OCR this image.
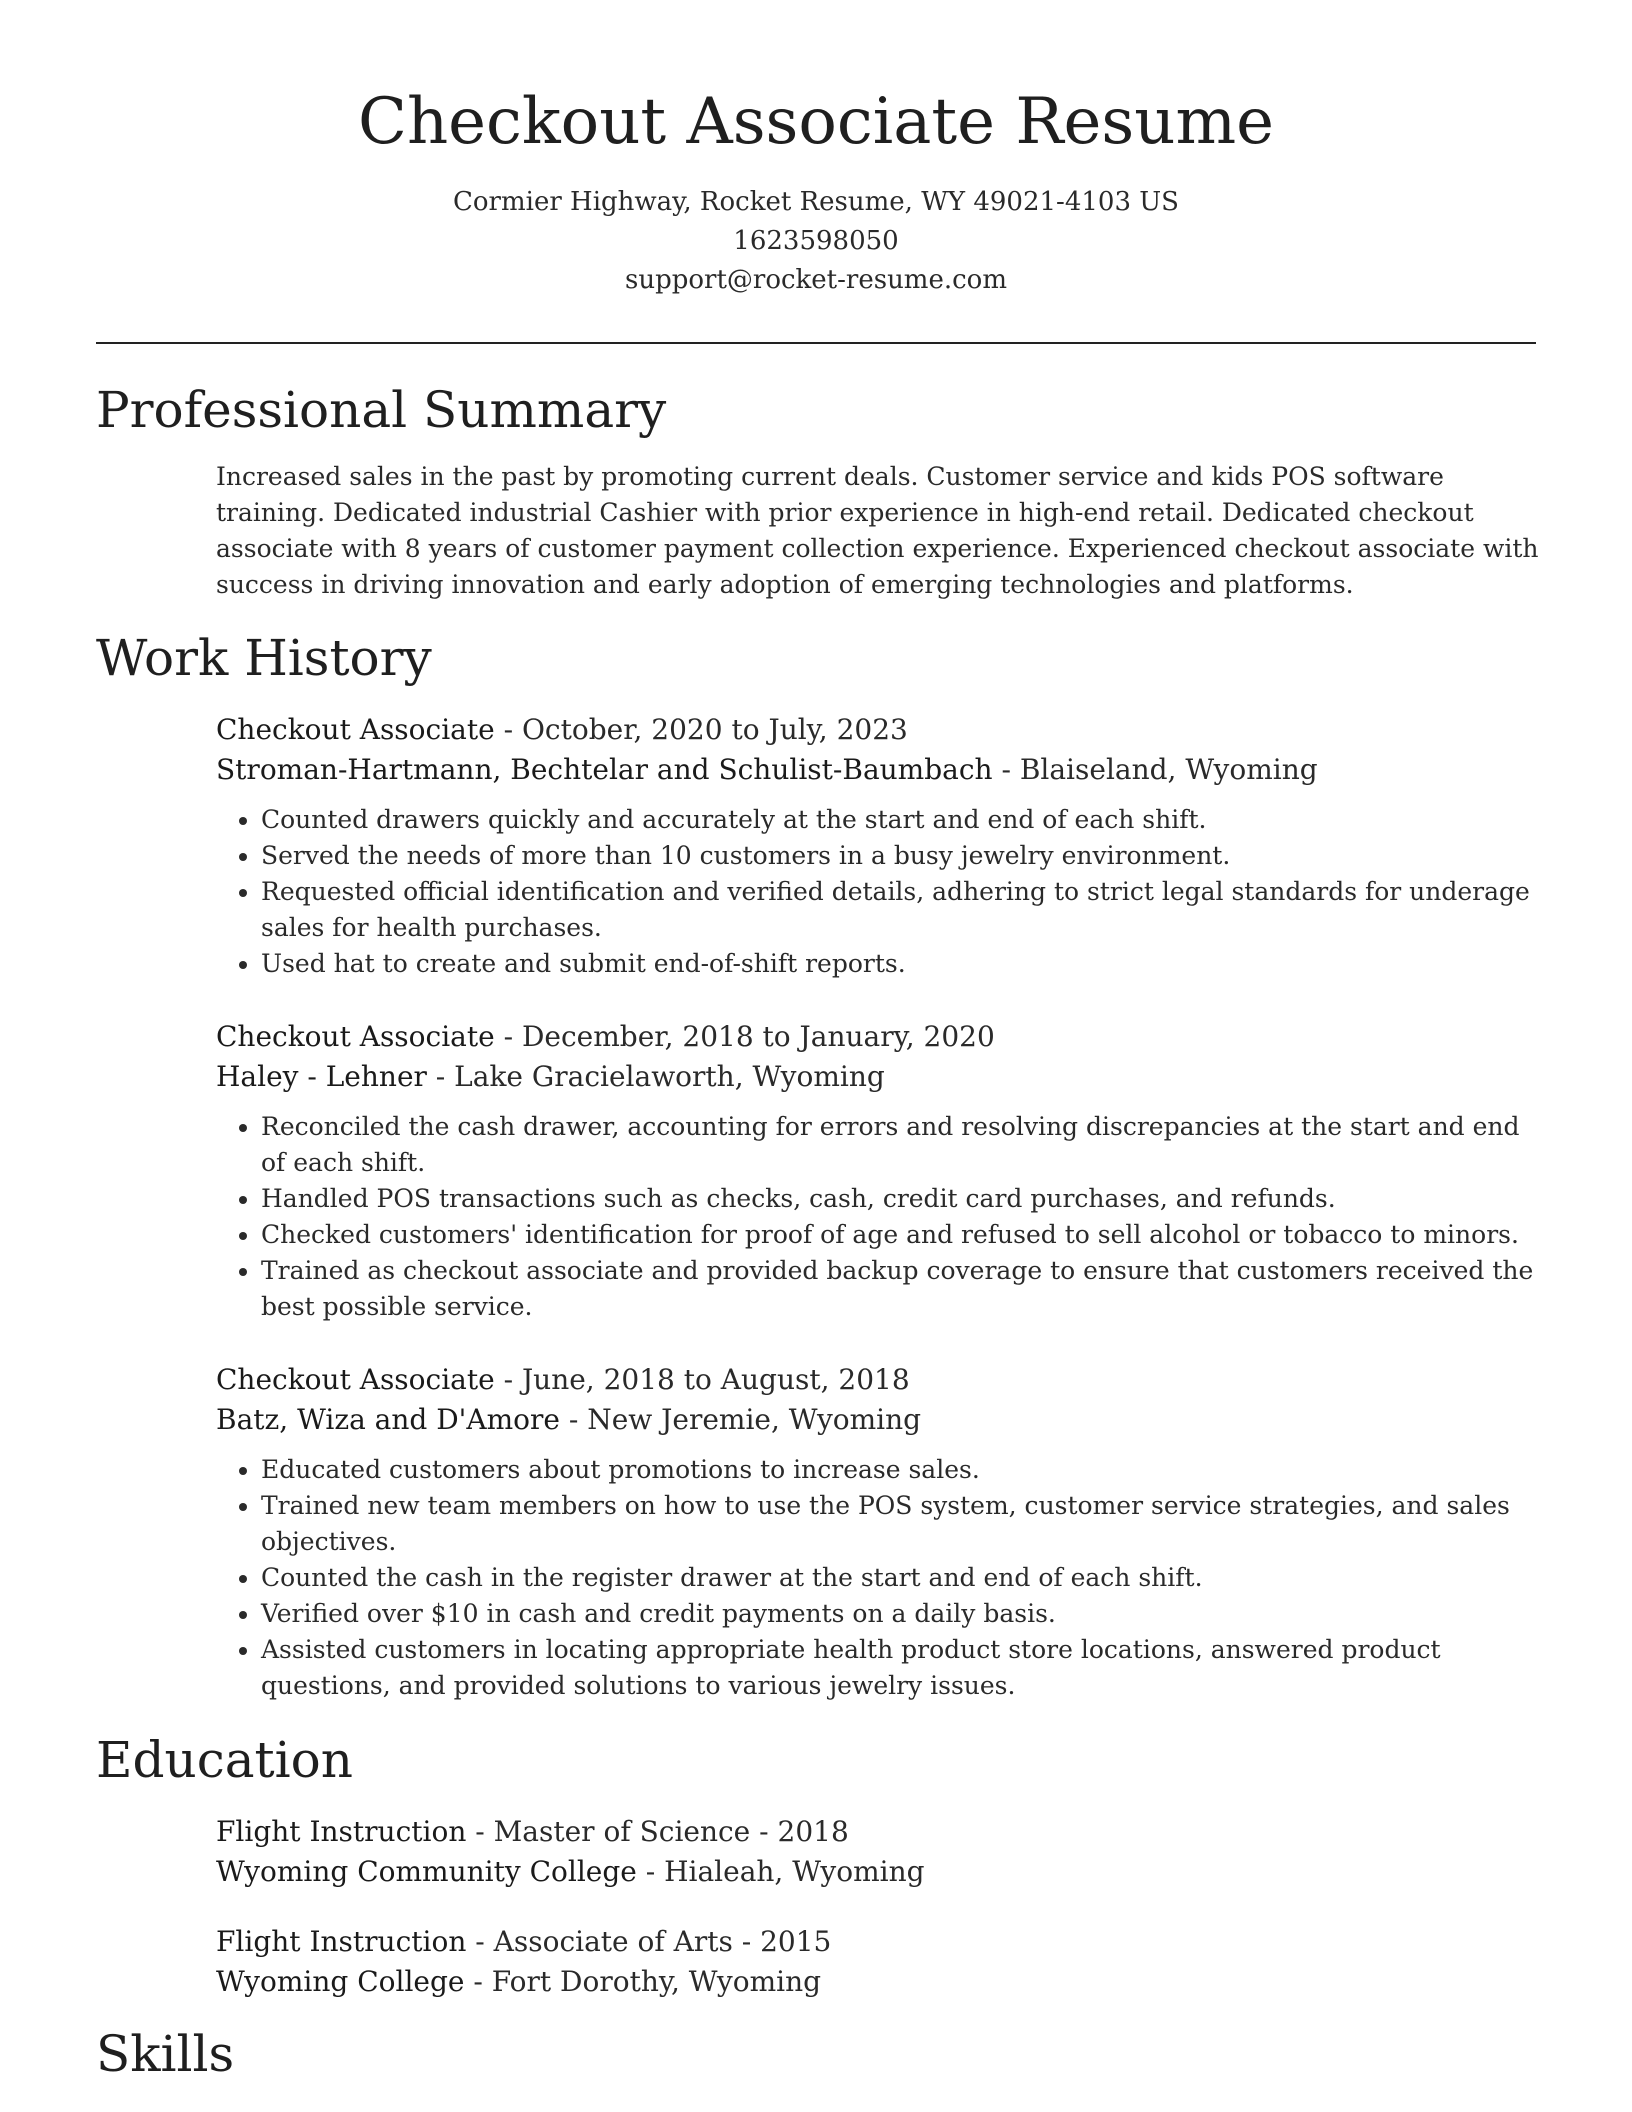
Checkout Associate Resume
Cormier Highway, Rocket Resume, WY 49021-4103 US
1623598050
support@rocket-resume.com
Professional Summary

Increased sales in the past by promoting current deals. Customer service and kids POS software training. Dedicated industrial Cashier with prior experience in high-end retail. Dedicated checkout associate with 8 years of customer payment collection experience. Experienced checkout associate with success in driving innovation and early adoption of emerging technologies and platforms.

Work History
Checkout Associate - October, 2020 to July, 2023
Stroman-Hartmann, Bechtelar and Schulist-Baumbach - Blaiseland, Wyoming
• Counted drawers quickly and accurately at the start and end of each shift.
• Served the needs of more than 10 customers in a busy jewelry environment.
• Requested official identification and verified details, adhering to strict legal standards for underage sales for health purchases.
• Used hat to create and submit end-of-shift reports.
Checkout Associate - December, 2018 to January, 2020
Haley - Lehner - Lake Gracielaworth, Wyoming
• Reconciled the cash drawer, accounting for errors and resolving discrepancies at the start and end of each shift.
• Handled POS transactions such as checks, cash, credit card purchases, and refunds.
• Checked customers' identification for proof of age and refused to sell alcohol or tobacco to minors.
• Trained as checkout associate and provided backup coverage to ensure that customers received the best possible service.
Checkout Associate - June, 2018 to August, 2018
Batz, Wiza and D'Amore - New Jeremie, Wyoming
• Educated customers about promotions to increase sales.
• Trained new team members on how to use the POS system, customer service strategies, and sales objectives.
• Counted the cash in the register drawer at the start and end of each shift.
• Verified over $10 in cash and credit payments on a daily basis.
• Assisted customers in locating appropriate health product store locations, answered product questions, and provided solutions to various jewelry issues.
Education
Flight Instruction - Master of Science - 2018
Wyoming Community College - Hialeah, Wyoming
Flight Instruction - Associate of Arts - 2015
Wyoming College - Fort Dorothy, Wyoming
Skills
